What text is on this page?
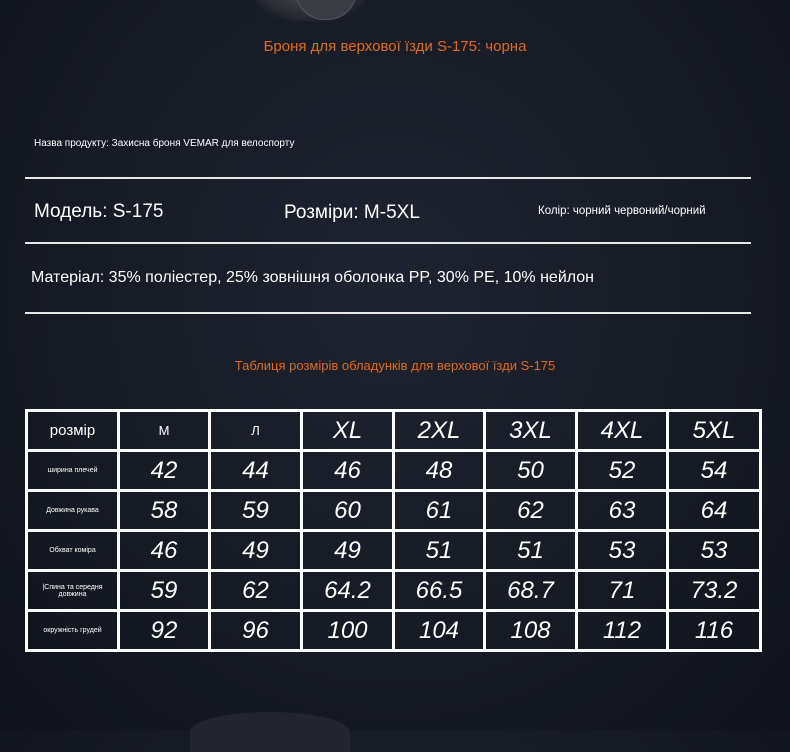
Броня для верхової їзди S-175: чорна
Назва продукту: Захисна броня VEMAR для велоспорту
Модель: S-175	Розміри: M-5XL	Колір: чорний червоний/чорний
Матеріал: 35% поліестер, 25% зовнішня оболонка PP, 30% PE, 10% нейлон
Таблиця розмірів обладунків для верхової їзди S-175
розмір	М	Л	XL	2XL	3XL	4XL	5XL
ширина плечей	42	44	46	48	50	52	54
Довжина рукава	58	59	60	61	62	63	64
Обхват коміра	46	49	49	51	51	53	53
|Спина та середня довжина	59	62	64.2	66.5	68.7	71	73.2
окружність грудей	92	96	100	104	108	112	116
